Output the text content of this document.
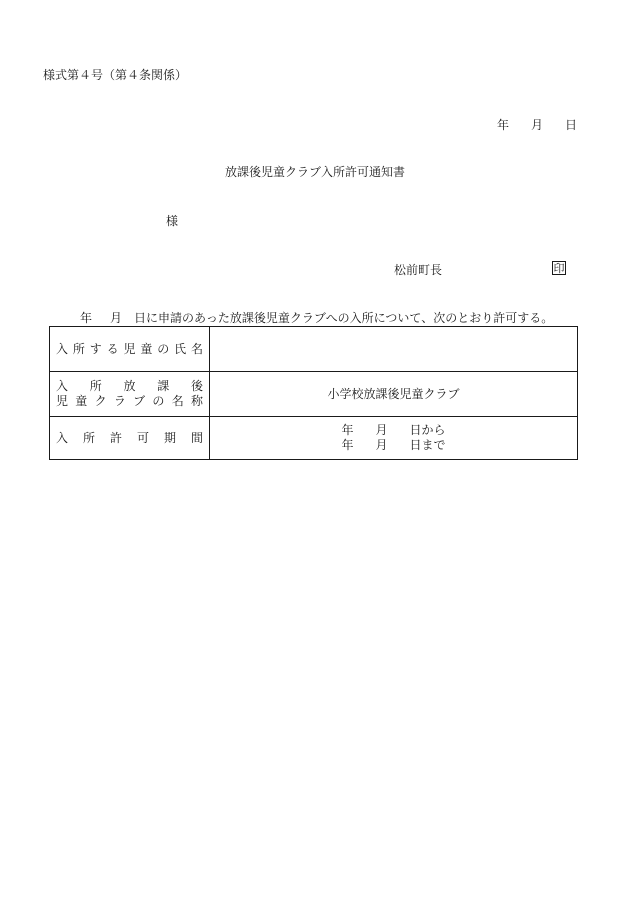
様式第４号（第４条関係）
年 月 日
放課後児童クラブ入所許可通知書
様
松前町長	印
年 月 日に申請のあった放課後児童クラブへの入所について、次のとおり許可する。
入所する児童の氏名	

入所放課後
児童クラブの名称	小学校放課後児童クラブ

入所許可期間	年 月 日から
年 月 日まで
